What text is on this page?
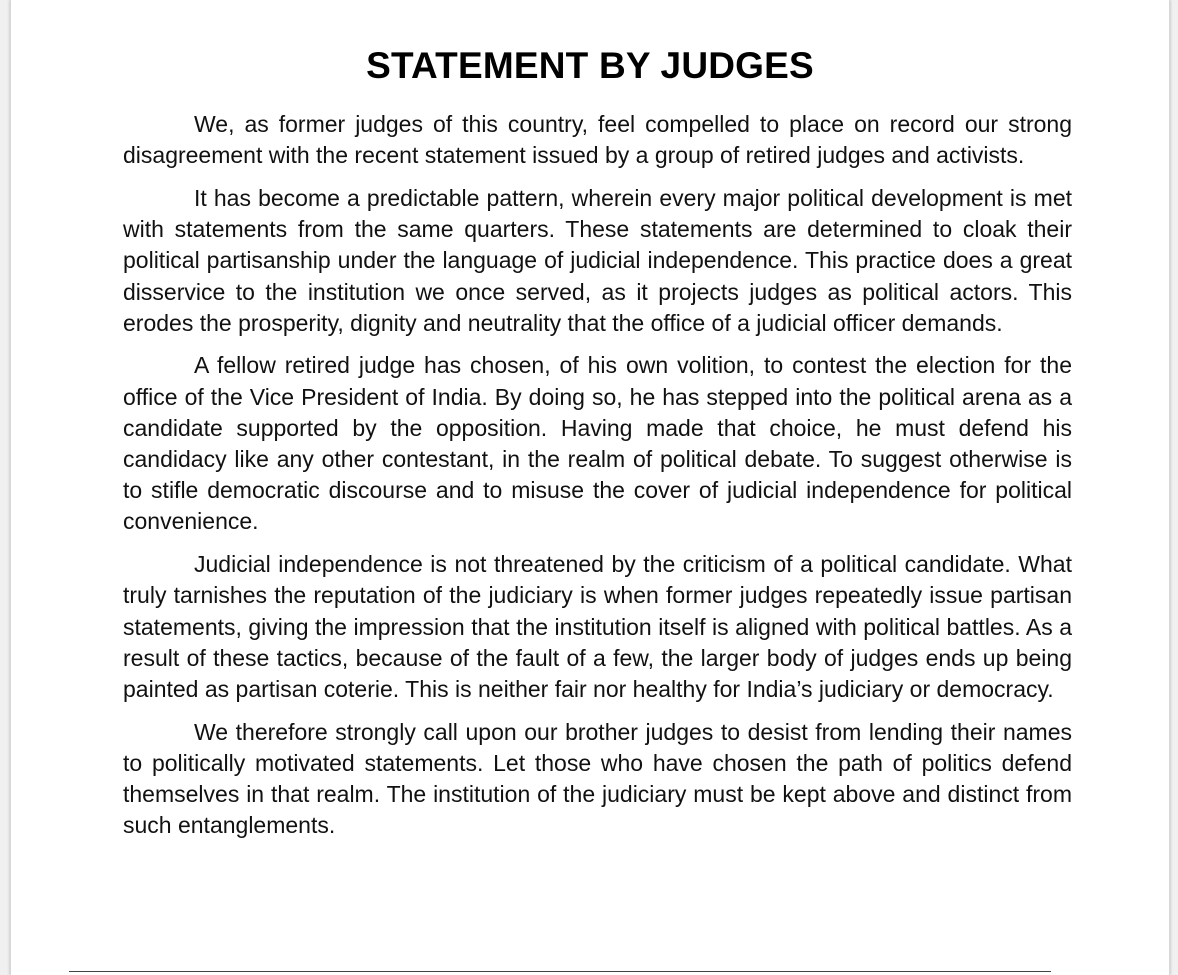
STATEMENT BY JUDGES

We, as former judges of this country, feel compelled to place on record our strong disagreement with the recent statement issued by a group of retired judges and activists.

It has become a predictable pattern, wherein every major political development is met with statements from the same quarters. These statements are determined to cloak their political partisanship under the language of judicial independence. This practice does a great disservice to the institution we once served, as it projects judges as political actors. This erodes the prosperity, dignity and neutrality that the office of a judicial officer demands.

A fellow retired judge has chosen, of his own volition, to contest the election for the office of the Vice President of India. By doing so, he has stepped into the political arena as a candidate supported by the opposition. Having made that choice, he must defend his candidacy like any other contestant, in the realm of political debate. To suggest otherwise is to stifle democratic discourse and to misuse the cover of judicial independence for political convenience.

Judicial independence is not threatened by the criticism of a political candidate. What truly tarnishes the reputation of the judiciary is when former judges repeatedly issue partisan statements, giving the impression that the institution itself is aligned with political battles. As a result of these tactics, because of the fault of a few, the larger body of judges ends up being painted as partisan coterie. This is neither fair nor healthy for India’s judiciary or democracy.

We therefore strongly call upon our brother judges to desist from lending their names to politically motivated statements. Let those who have chosen the path of politics defend themselves in that realm. The institution of the judiciary must be kept above and distinct from such entanglements.
